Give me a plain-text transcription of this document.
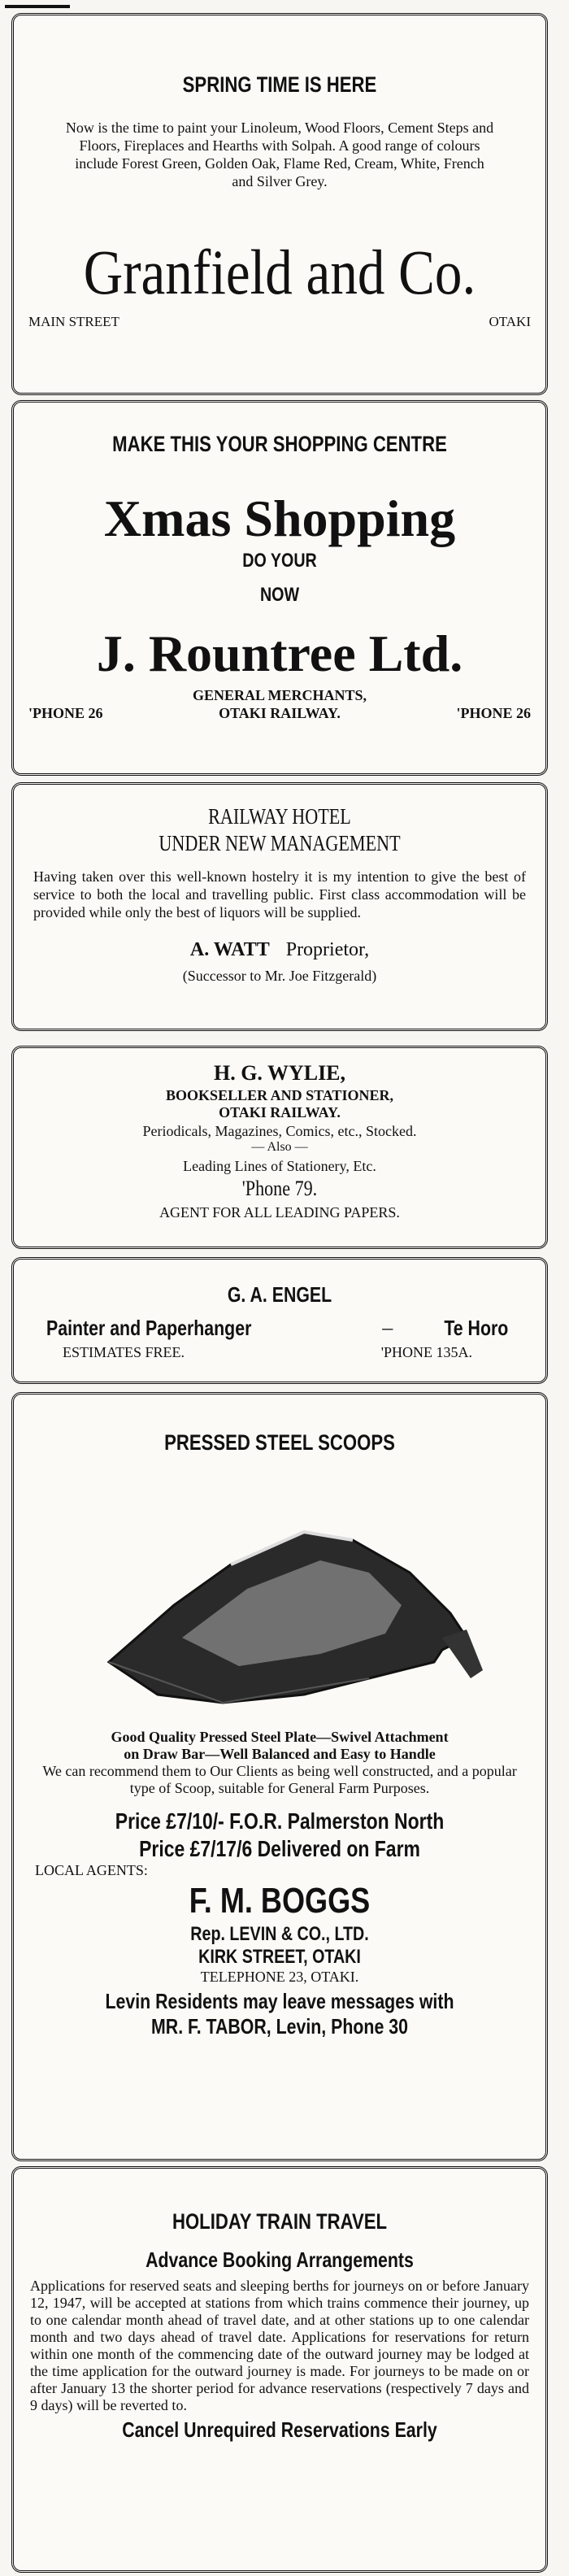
SPRING TIME IS HERE
Now is the time to paint your Linoleum, Wood Floors, Cement Steps and Floors, Fireplaces and Hearths with Solpah. A good range of colours include Forest Green, Golden Oak, Flame Red, Cream, White, French and Silver Grey.
Granfield and Co.
MAIN STREET	OTAKI
MAKE THIS YOUR SHOPPING CENTRE
Xmas Shopping
DO YOUR
NOW
J. Rountree Ltd.
'PHONE 26
GENERAL MERCHANTS,
OTAKI RAILWAY.	'PHONE 26
RAILWAY HOTEL
UNDER NEW MANAGEMENT
Having taken over this well-known hostelry it is my intention to give the best of service to both the local and travelling public. First class accommodation will be provided while only the best of liquors will be supplied.
A. WATT Proprietor,
(Successor to Mr. Joe Fitzgerald)
H. G. WYLIE,
BOOKSELLER AND STATIONER,
OTAKI RAILWAY.
Periodicals, Magazines, Comics, etc., Stocked.
— Also —
Leading Lines of Stationery, Etc.
'Phone 79.
AGENT FOR ALL LEADING PAPERS.
G. A. ENGEL
Painter and Paperhanger	– Te Horo
ESTIMATES FREE.	'PHONE 135A.
PRESSED STEEL SCOOPS
Good Quality Pressed Steel Plate—Swivel Attachment
on Draw Bar—Well Balanced and Easy to Handle
We can recommend them to Our Clients as being well constructed, and a popular type of Scoop, suitable for General Farm Purposes.
Price £7/10/- F.O.R. Palmerston North
Price £7/17/6 Delivered on Farm
LOCAL AGENTS:
F. M. BOGGS
Rep. LEVIN & CO., LTD.
KIRK STREET, OTAKI
TELEPHONE 23, OTAKI.
Levin Residents may leave messages with
MR. F. TABOR, Levin, Phone 30
HOLIDAY TRAIN TRAVEL
Advance Booking Arrangements
Applications for reserved seats and sleeping berths for journeys on or before January 12, 1947, will be accepted at stations from which trains commence their journey, up to one calendar month ahead of travel date, and at other stations up to one calendar month and two days ahead of travel date. Applications for reservations for return within one month of the commencing date of the outward journey may be lodged at the time application for the outward journey is made. For journeys to be made on or after January 13 the shorter period for advance reservations (respectively 7 days and 9 days) will be reverted to.
Cancel Unrequired Reservations Early
